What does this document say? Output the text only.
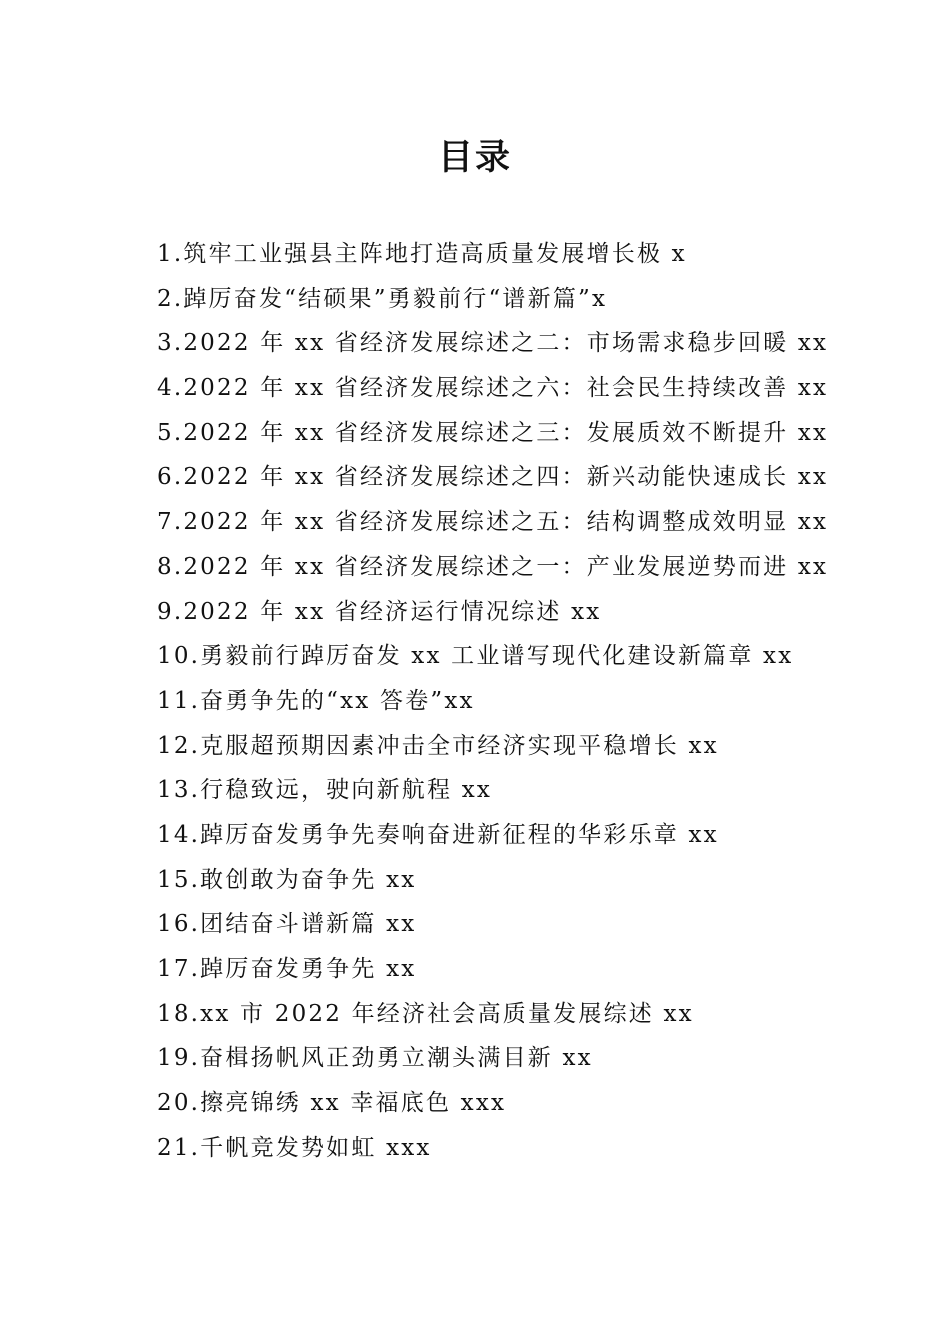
目录
1.筑牢工业强县主阵地打造高质量发展增长极 x
2.踔厉奋发“结硕果”勇毅前行“谱新篇”x
3.2022 年 xx 省经济发展综述之二：市场需求稳步回暖 xx
4.2022 年 xx 省经济发展综述之六：社会民生持续改善 xx
5.2022 年 xx 省经济发展综述之三：发展质效不断提升 xx
6.2022 年 xx 省经济发展综述之四：新兴动能快速成长 xx
7.2022 年 xx 省经济发展综述之五：结构调整成效明显 xx
8.2022 年 xx 省经济发展综述之一：产业发展逆势而进 xx
9.2022 年 xx 省经济运行情况综述 xx
10.勇毅前行踔厉奋发 xx 工业谱写现代化建设新篇章 xx
11.奋勇争先的“xx 答卷”xx
12.克服超预期因素冲击全市经济实现平稳增长 xx
13.行稳致远，驶向新航程 xx
14.踔厉奋发勇争先奏响奋进新征程的华彩乐章 xx
15.敢创敢为奋争先 xx
16.团结奋斗谱新篇 xx
17.踔厉奋发勇争先 xx
18.xx 市 2022 年经济社会高质量发展综述 xx
19.奋楫扬帆风正劲勇立潮头满目新 xx
20.擦亮锦绣 xx 幸福底色 xxx
21.千帆竞发势如虹 xxx
